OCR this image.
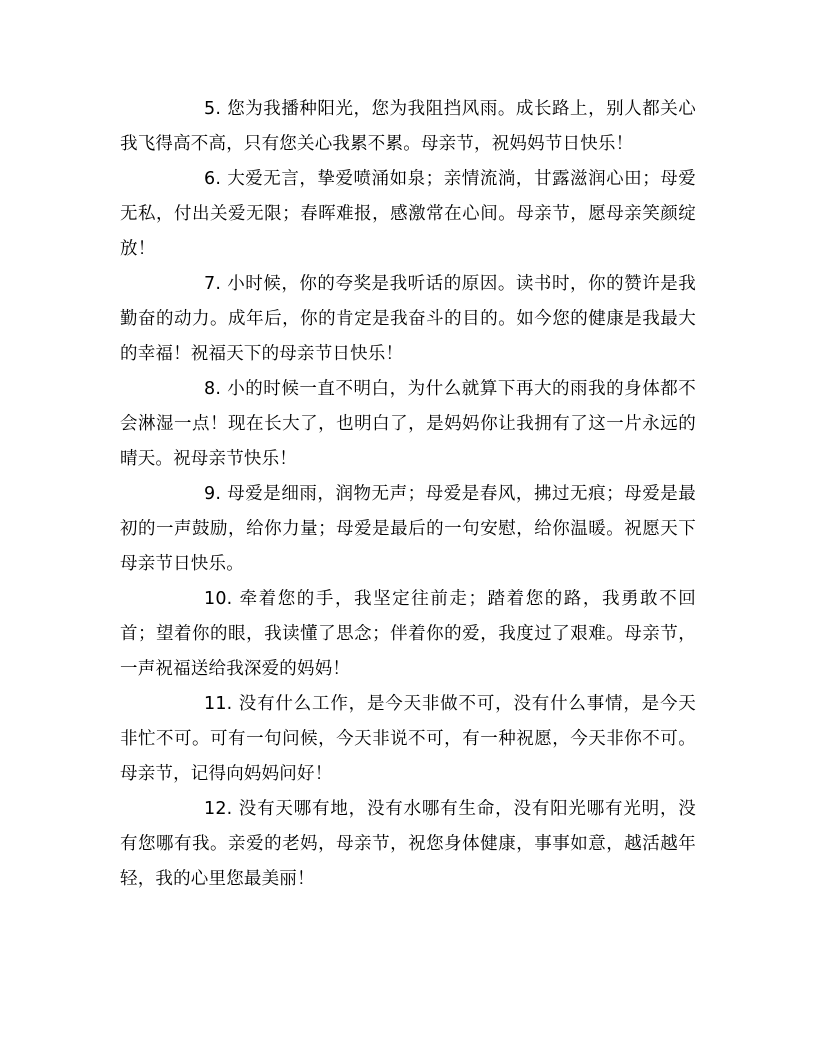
5. 您为我播种阳光，您为我阻挡风雨。成长路上，别人都关心我飞得高不高，只有您关心我累不累。母亲节，祝妈妈节日快乐！

6. 大爱无言，挚爱喷涌如泉；亲情流淌，甘露滋润心田；母爱无私，付出关爱无限；春晖难报，感激常在心间。母亲节，愿母亲笑颜绽放！

7. 小时候，你的夸奖是我听话的原因。读书时，你的赞许是我勤奋的动力。成年后，你的肯定是我奋斗的目的。如今您的健康是我最大的幸福！祝福天下的母亲节日快乐！

8. 小的时候一直不明白，为什么就算下再大的雨我的身体都不会淋湿一点！现在长大了，也明白了，是妈妈你让我拥有了这一片永远的晴天。祝母亲节快乐！

9. 母爱是细雨，润物无声；母爱是春风，拂过无痕；母爱是最初的一声鼓励，给你力量；母爱是最后的一句安慰，给你温暖。祝愿天下母亲节日快乐。

10. 牵着您的手，我坚定往前走；踏着您的路，我勇敢不回首；望着你的眼，我读懂了思念；伴着你的爱，我度过了艰难。母亲节，一声祝福送给我深爱的妈妈！

11. 没有什么工作，是今天非做不可，没有什么事情，是今天非忙不可。可有一句问候，今天非说不可，有一种祝愿，今天非你不可。母亲节，记得向妈妈问好！

12. 没有天哪有地，没有水哪有生命，没有阳光哪有光明，没有您哪有我。亲爱的老妈，母亲节，祝您身体健康，事事如意，越活越年轻，我的心里您最美丽！
